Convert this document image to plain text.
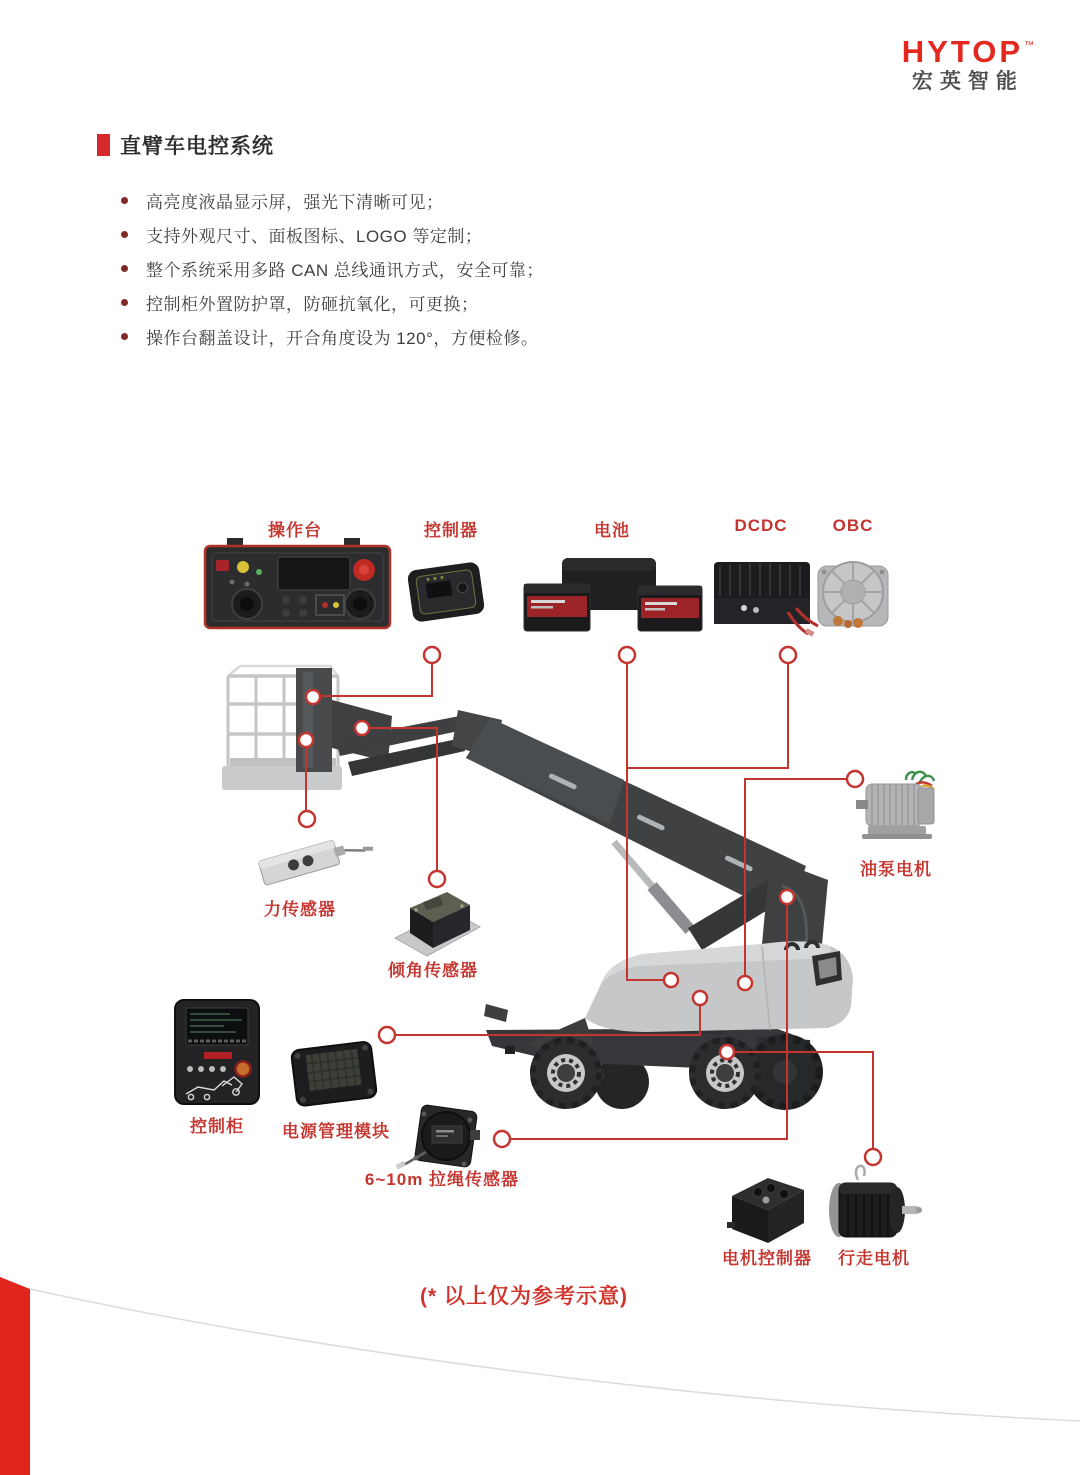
HYTOP™
宏英智能
直臂车电控系统
高亮度液晶显示屏，强光下清晰可见；
支持外观尺寸、面板图标、LOGO 等定制；
整个系统采用多路 CAN 总线通讯方式，安全可靠；
控制柜外置防护罩，防砸抗氧化，可更换；
操作台翻盖设计，开合角度设为 120°，方便检修。
操作台	控制器	电池	DCDC	OBC
力传感器
倾角传感器
油泵电机
控制柜 电源管理模块
6~10m 拉绳传感器
电机控制器 行走电机
(* 以上仅为参考示意)
